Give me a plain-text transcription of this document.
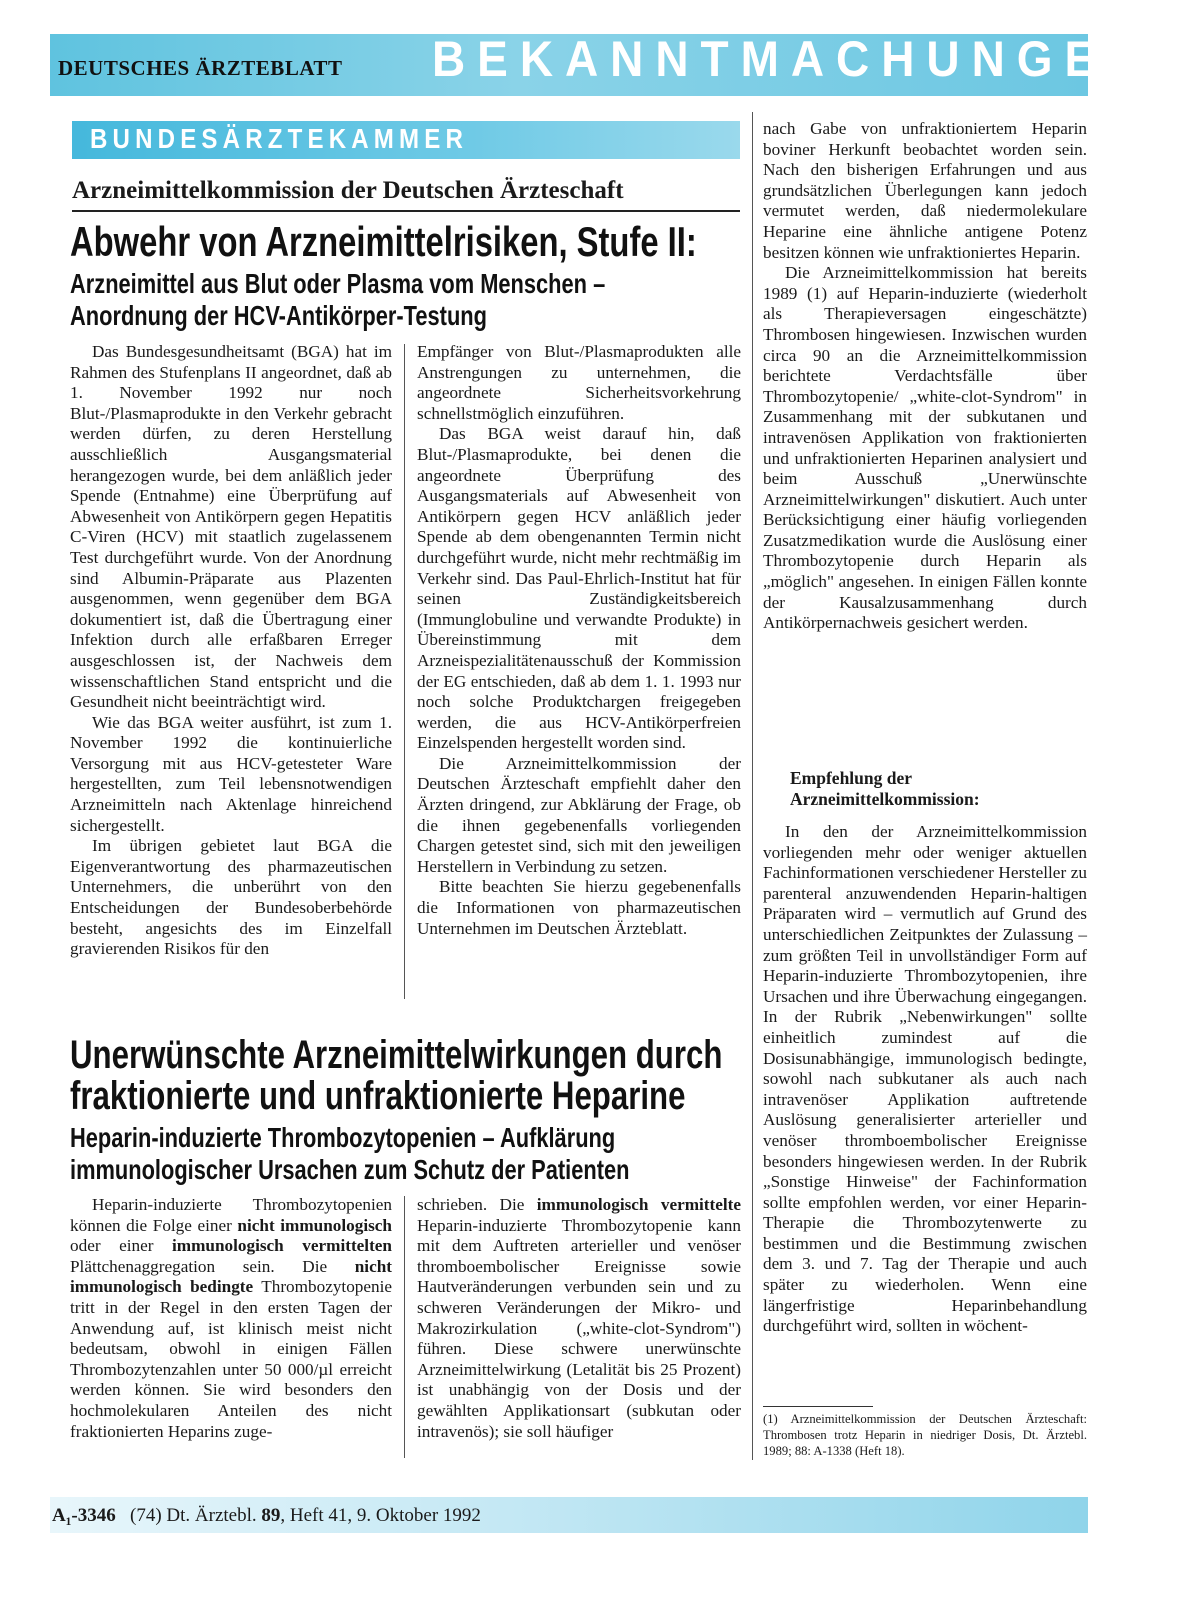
DEUTSCHES ÄRZTEBLATT BEKANNTMACHUNGEN
BUNDESÄRZTEKAMMER
Arzneimittelkommission der Deutschen Ärzteschaft
Abwehr von Arzneimittelrisiken, Stufe II:
Arzneimittel aus Blut oder Plasma vom Menschen –
Anordnung der HCV-Antikörper-Testung

Das Bundesgesundheitsamt (BGA) hat im Rahmen des Stufenplans II angeordnet, daß ab 1. November 1992 nur noch Blut-/Plasmaprodukte in den Verkehr gebracht werden dürfen, zu deren Herstellung ausschließlich Ausgangsmaterial herangezogen wurde, bei dem anläßlich jeder Spende (Entnahme) eine Überprüfung auf Abwesenheit von Antikörpern gegen Hepatitis C-Viren (HCV) mit staatlich zugelassenem Test durchgeführt wurde. Von der Anordnung sind Albumin-Präparate aus Plazenten ausgenommen, wenn gegenüber dem BGA dokumentiert ist, daß die Übertragung einer Infektion durch alle erfaßbaren Erreger ausgeschlossen ist, der Nachweis dem wissenschaftlichen Stand entspricht und die Gesundheit nicht beeinträchtigt wird.

Wie das BGA weiter ausführt, ist zum 1. November 1992 die kontinuierliche Versorgung mit aus HCV-getesteter Ware hergestellten, zum Teil lebensnotwendigen Arzneimitteln nach Aktenlage hinreichend sichergestellt.

Im übrigen gebietet laut BGA die Eigenverantwortung des pharmazeutischen Unternehmers, die unberührt von den Entscheidungen der Bundesoberbehörde besteht, angesichts des im Einzelfall gravierenden Risikos für den

Empfänger von Blut-/Plasmaprodukten alle Anstrengungen zu unternehmen, die angeordnete Sicherheitsvorkehrung schnellstmöglich einzuführen.

Das BGA weist darauf hin, daß Blut-/Plasmaprodukte, bei denen die angeordnete Überprüfung des Ausgangsmaterials auf Abwesenheit von Antikörpern gegen HCV anläßlich jeder Spende ab dem obengenannten Termin nicht durchgeführt wurde, nicht mehr rechtmäßig im Verkehr sind. Das Paul-Ehrlich-Institut hat für seinen Zuständigkeitsbereich (Immunglobuline und verwandte Produkte) in Übereinstimmung mit dem Arzneispezialitätenausschuß der Kommission der EG entschieden, daß ab dem 1. 1. 1993 nur noch solche Produktchargen freigegeben werden, die aus HCV-Antikörperfreien Einzelspenden hergestellt worden sind.

Die Arzneimittelkommission der Deutschen Ärzteschaft empfiehlt daher den Ärzten dringend, zur Abklärung der Frage, ob die ihnen gegebenenfalls vorliegenden Chargen getestet sind, sich mit den jeweiligen Herstellern in Verbindung zu setzen.

Bitte beachten Sie hierzu gegebenenfalls die Informationen von pharmazeutischen Unternehmen im Deutschen Ärzteblatt.

Unerwünschte Arzneimittelwirkungen durch
fraktionierte und unfraktionierte Heparine
Heparin-induzierte Thrombozytopenien – Aufklärung
immunologischer Ursachen zum Schutz der Patienten

Heparin-induzierte Thrombozytopenien können die Folge einer nicht immunologisch oder einer immunologisch vermittelten Plättchenaggregation sein. Die nicht immunologisch bedingte Thrombozytopenie tritt in der Regel in den ersten Tagen der Anwendung auf, ist klinisch meist nicht bedeutsam, obwohl in einigen Fällen Thrombozytenzahlen unter 50 000/µl erreicht werden können. Sie wird besonders den hochmolekularen Anteilen des nicht fraktionierten Heparins zuge-

schrieben. Die immunologisch vermittelte Heparin-induzierte Thrombozytopenie kann mit dem Auftreten arterieller und venöser thromboembolischer Ereignisse sowie Hautveränderungen verbunden sein und zu schweren Veränderungen der Mikro- und Makrozirkulation („white-clot-Syndrom") führen. Diese schwere unerwünschte Arzneimittelwirkung (Letalität bis 25 Prozent) ist unabhängig von der Dosis und der gewählten Applikationsart (subkutan oder intravenös); sie soll häufiger

nach Gabe von unfraktioniertem Heparin boviner Herkunft beobachtet worden sein. Nach den bisherigen Erfahrungen und aus grundsätzlichen Überlegungen kann jedoch vermutet werden, daß niedermolekulare Heparine eine ähnliche antigene Potenz besitzen können wie unfraktioniertes Heparin.

Die Arzneimittelkommission hat bereits 1989 (1) auf Heparin-induzierte (wiederholt als Therapieversagen eingeschätzte) Thrombosen hingewiesen. Inzwischen wurden circa 90 an die Arzneimittelkommission berichtete Verdachtsfälle über Thrombozytopenie/ „white-clot-Syndrom" in Zusammenhang mit der subkutanen und intravenösen Applikation von fraktionierten und unfraktionierten Heparinen analysiert und beim Ausschuß „Unerwünschte Arzneimittelwirkungen" diskutiert. Auch unter Berücksichtigung einer häufig vorliegenden Zusatzmedikation wurde die Auslösung einer Thrombozytopenie durch Heparin als „möglich" angesehen. In einigen Fällen konnte der Kausalzusammenhang durch Antikörpernachweis gesichert werden.

Empfehlung der
Arzneimittelkommission:

In den der Arzneimittelkommission vorliegenden mehr oder weniger aktuellen Fachinformationen verschiedener Hersteller zu parenteral anzuwendenden Heparin-haltigen Präparaten wird – vermutlich auf Grund des unterschiedlichen Zeitpunktes der Zulassung – zum größten Teil in unvollständiger Form auf Heparin-induzierte Thrombozytopenien, ihre Ursachen und ihre Überwachung eingegangen. In der Rubrik „Nebenwirkungen" sollte einheitlich zumindest auf die Dosisunabhängige, immunologisch bedingte, sowohl nach subkutaner als auch nach intravenöser Applikation auftretende Auslösung generalisierter arterieller und venöser thromboembolischer Ereignisse besonders hingewiesen werden. In der Rubrik „Sonstige Hinweise" der Fachinformation sollte empfohlen werden, vor einer Heparin-Therapie die Thrombozytenwerte zu bestimmen und die Bestimmung zwischen dem 3. und 7. Tag der Therapie und auch später zu wiederholen. Wenn eine längerfristige Heparinbehandlung durchgeführt wird, sollten in wöchent-

(1) Arzneimittelkommission der Deutschen Ärzteschaft: Thrombosen trotz Heparin in niedriger Dosis, Dt. Ärztebl. 1989; 88: A-1338 (Heft 18).
A₁-3346 (74) Dt. Ärztebl. 89, Heft 41, 9. Oktober 1992
